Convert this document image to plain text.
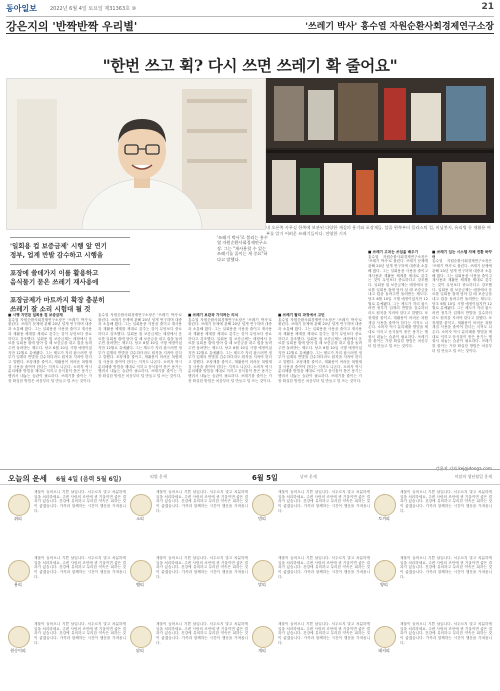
동아일보	2022년 6월 4일 토요일 제31363호 ⑩	21
강은지의 '반짝반짝 우리별'	'쓰레기 박사' 홍수열 자원순환사회경제연구소장
"한번 쓰고 휙? 다시 쓰면 쓰레기 확 줄어요"
내 오른쪽 사무실 한쪽에 보관된 다양한 재질의 용기와 포장재들. 앞줄 왼쪽부터 플라스틱 컵, 비닐봉지, 유리병 등 재활용 여부를 알기 어려운 쓰레기들이다. 전영한 기자
'일회용 컵 보증금제' 시행 앞 연기
정부, 업계 반발 감수하고 시행을
포장에 쓸데가지 이를 활용하고
음식물기 묻은 쓰레기 재사용에
포장금제가 마트까지 확장 충분히
쓰레기 잘 소리 시험대 될 것
'쓰레기 박사'로 불리는 홍수열 자원순환사회경제연구소장. 그는 "재사용할 수 있는 쓰레기를 줄이는 게 중요"하다고 말했다.
■ 시행 지연된 일회용 컵 보증금제
홍수열 자원순환사회경제연구소장은 '쓰레기 박사'로 불린다. 쓰레기 문제에 관해 20년 넘게 연구하며 대중과 소통해 왔다. 그는 일회용품 사용을 줄이고 재사용과 재활용 체계를 제대로 갖추는 것이 무엇보다 중요하다고 강조했다. 일회용 컵 보증금제는 매장에서 음료를 일회용 컵에 담아 살 때 보증금을 내고 컵을 돌려주면 돌려받는 제도다. 당초 6월 10일 시행 예정이었지만 12월로 유예됐다. 그는 제도가 자리 잡으려면 정부가 업계의 반발을 감수하더라도 원칙을 지켜야 한다고 말했다. 포장재를 줄이고, 재활용이 어려운 복합재질 사용을 줄여야 한다는 지적도 나온다. 소비자 역시 분리배출 방법을 제대로 익히고 음식물이 묻은 용기는 헹궈서 내놓는 습관이 필요하다. 쓰레기를 줄이는 가장 확실한 방법은 처음부터 덜 만들고 덜 쓰는 것이다.
홍수열 자원순환사회경제연구소장은 '쓰레기 박사'로 불린다. 쓰레기 문제에 관해 20년 넘게 연구하며 대중과 소통해 왔다. 그는 일회용품 사용을 줄이고 재사용과 재활용 체계를 제대로 갖추는 것이 무엇보다 중요하다고 강조했다. 일회용 컵 보증금제는 매장에서 음료를 일회용 컵에 담아 살 때 보증금을 내고 컵을 돌려주면 돌려받는 제도다. 당초 6월 10일 시행 예정이었지만 12월로 유예됐다. 그는 제도가 자리 잡으려면 정부가 업계의 반발을 감수하더라도 원칙을 지켜야 한다고 말했다. 포장재를 줄이고, 재활용이 어려운 복합재질 사용을 줄여야 한다는 지적도 나온다. 소비자 역시 분리배출 방법을 제대로 익히고 음식물이 묻은 용기는 헹궈서 내놓는 습관이 필요하다. 쓰레기를 줄이는 가장 확실한 방법은 처음부터 덜 만들고 덜 쓰는 것이다.
■ 쓰레기 보관과 가지려는 의식
홍수열 자원순환사회경제연구소장은 '쓰레기 박사'로 불린다. 쓰레기 문제에 관해 20년 넘게 연구하며 대중과 소통해 왔다. 그는 일회용품 사용을 줄이고 재사용과 재활용 체계를 제대로 갖추는 것이 무엇보다 중요하다고 강조했다. 일회용 컵 보증금제는 매장에서 음료를 일회용 컵에 담아 살 때 보증금을 내고 컵을 돌려주면 돌려받는 제도다. 당초 6월 10일 시행 예정이었지만 12월로 유예됐다. 그는 제도가 자리 잡으려면 정부가 업계의 반발을 감수하더라도 원칙을 지켜야 한다고 말했다. 포장재를 줄이고, 재활용이 어려운 복합재질 사용을 줄여야 한다는 지적도 나온다. 소비자 역시 분리배출 방법을 제대로 익히고 음식물이 묻은 용기는 헹궈서 내놓는 습관이 필요하다. 쓰레기를 줄이는 가장 확실한 방법은 처음부터 덜 만들고 덜 쓰는 것이다.
■ 쓰레기 팔리 과정에서 고민
홍수열 자원순환사회경제연구소장은 '쓰레기 박사'로 불린다. 쓰레기 문제에 관해 20년 넘게 연구하며 대중과 소통해 왔다. 그는 일회용품 사용을 줄이고 재사용과 재활용 체계를 제대로 갖추는 것이 무엇보다 중요하다고 강조했다. 일회용 컵 보증금제는 매장에서 음료를 일회용 컵에 담아 살 때 보증금을 내고 컵을 돌려주면 돌려받는 제도다. 당초 6월 10일 시행 예정이었지만 12월로 유예됐다. 그는 제도가 자리 잡으려면 정부가 업계의 반발을 감수하더라도 원칙을 지켜야 한다고 말했다. 포장재를 줄이고, 재활용이 어려운 복합재질 사용을 줄여야 한다는 지적도 나온다. 소비자 역시 분리배출 방법을 제대로 익히고 음식물이 묻은 용기는 헹궈서 내놓는 습관이 필요하다. 쓰레기를 줄이는 가장 확실한 방법은 처음부터 덜 만들고 덜 쓰는 것이다.
■ 쓰레기 고치는 쓰임을 배우기
홍수열 자원순환사회경제연구소장은 '쓰레기 박사'로 불린다. 쓰레기 문제에 관해 20년 넘게 연구하며 대중과 소통해 왔다. 그는 일회용품 사용을 줄이고 재사용과 재활용 체계를 제대로 갖추는 것이 무엇보다 중요하다고 강조했다. 일회용 컵 보증금제는 매장에서 음료를 일회용 컵에 담아 살 때 보증금을 내고 컵을 돌려주면 돌려받는 제도다. 당초 6월 10일 시행 예정이었지만 12월로 유예됐다. 그는 제도가 자리 잡으려면 정부가 업계의 반발을 감수하더라도 원칙을 지켜야 한다고 말했다. 포장재를 줄이고, 재활용이 어려운 복합재질 사용을 줄여야 한다는 지적도 나온다. 소비자 역시 분리배출 방법을 제대로 익히고 음식물이 묻은 용기는 헹궈서 내놓는 습관이 필요하다. 쓰레기를 줄이는 가장 확실한 방법은 처음부터 덜 만들고 덜 쓰는 것이다.
■ 쓰레기 입는 시스템 자체 전환 바꾸어
홍수열 자원순환사회경제연구소장은 '쓰레기 박사'로 불린다. 쓰레기 문제에 관해 20년 넘게 연구하며 대중과 소통해 왔다. 그는 일회용품 사용을 줄이고 재사용과 재활용 체계를 제대로 갖추는 것이 무엇보다 중요하다고 강조했다. 일회용 컵 보증금제는 매장에서 음료를 일회용 컵에 담아 살 때 보증금을 내고 컵을 돌려주면 돌려받는 제도다. 당초 6월 10일 시행 예정이었지만 12월로 유예됐다. 그는 제도가 자리 잡으려면 정부가 업계의 반발을 감수하더라도 원칙을 지켜야 한다고 말했다. 포장재를 줄이고, 재활용이 어려운 복합재질 사용을 줄여야 한다는 지적도 나온다. 소비자 역시 분리배출 방법을 제대로 익히고 음식물이 묻은 용기는 헹궈서 내놓는 습관이 필요하다. 쓰레기를 줄이는 가장 확실한 방법은 처음부터 덜 만들고 덜 쓰는 것이다.
오늘의 운세 6월 4일 (음력 5월 6일)	띠별 운세	6월 5일	날씨 운세	이달의 생년월일 운세
쥐띠
재물이 들어오니 기쁜 날입니다. 서두르지 말고 차분하게 일을 처리하세요. 주변 사람의 조언에 귀 기울이면 좋은 결과가 있습니다. 건강에 유의하고 무리한 약속은 피하는 것이 좋겠습니다. 가족과 함께하는 시간이 행운을 가져옵니다.
소띠
재물이 들어오니 기쁜 날입니다. 서두르지 말고 차분하게 일을 처리하세요. 주변 사람의 조언에 귀 기울이면 좋은 결과가 있습니다. 건강에 유의하고 무리한 약속은 피하는 것이 좋겠습니다. 가족과 함께하는 시간이 행운을 가져옵니다.
범띠
재물이 들어오니 기쁜 날입니다. 서두르지 말고 차분하게 일을 처리하세요. 주변 사람의 조언에 귀 기울이면 좋은 결과가 있습니다. 건강에 유의하고 무리한 약속은 피하는 것이 좋겠습니다. 가족과 함께하는 시간이 행운을 가져옵니다.
토끼띠
재물이 들어오니 기쁜 날입니다. 서두르지 말고 차분하게 일을 처리하세요. 주변 사람의 조언에 귀 기울이면 좋은 결과가 있습니다. 건강에 유의하고 무리한 약속은 피하는 것이 좋겠습니다. 가족과 함께하는 시간이 행운을 가져옵니다.
용띠
재물이 들어오니 기쁜 날입니다. 서두르지 말고 차분하게 일을 처리하세요. 주변 사람의 조언에 귀 기울이면 좋은 결과가 있습니다. 건강에 유의하고 무리한 약속은 피하는 것이 좋겠습니다. 가족과 함께하는 시간이 행운을 가져옵니다.
뱀띠
재물이 들어오니 기쁜 날입니다. 서두르지 말고 차분하게 일을 처리하세요. 주변 사람의 조언에 귀 기울이면 좋은 결과가 있습니다. 건강에 유의하고 무리한 약속은 피하는 것이 좋겠습니다. 가족과 함께하는 시간이 행운을 가져옵니다.
말띠
재물이 들어오니 기쁜 날입니다. 서두르지 말고 차분하게 일을 처리하세요. 주변 사람의 조언에 귀 기울이면 좋은 결과가 있습니다. 건강에 유의하고 무리한 약속은 피하는 것이 좋겠습니다. 가족과 함께하는 시간이 행운을 가져옵니다.
양띠
재물이 들어오니 기쁜 날입니다. 서두르지 말고 차분하게 일을 처리하세요. 주변 사람의 조언에 귀 기울이면 좋은 결과가 있습니다. 건강에 유의하고 무리한 약속은 피하는 것이 좋겠습니다. 가족과 함께하는 시간이 행운을 가져옵니다.
원숭이띠
재물이 들어오니 기쁜 날입니다. 서두르지 말고 차분하게 일을 처리하세요. 주변 사람의 조언에 귀 기울이면 좋은 결과가 있습니다. 건강에 유의하고 무리한 약속은 피하는 것이 좋겠습니다. 가족과 함께하는 시간이 행운을 가져옵니다.
닭띠
재물이 들어오니 기쁜 날입니다. 서두르지 말고 차분하게 일을 처리하세요. 주변 사람의 조언에 귀 기울이면 좋은 결과가 있습니다. 건강에 유의하고 무리한 약속은 피하는 것이 좋겠습니다. 가족과 함께하는 시간이 행운을 가져옵니다.
개띠
재물이 들어오니 기쁜 날입니다. 서두르지 말고 차분하게 일을 처리하세요. 주변 사람의 조언에 귀 기울이면 좋은 결과가 있습니다. 건강에 유의하고 무리한 약속은 피하는 것이 좋겠습니다. 가족과 함께하는 시간이 행운을 가져옵니다.
돼지띠
재물이 들어오니 기쁜 날입니다. 서두르지 말고 차분하게 일을 처리하세요. 주변 사람의 조언에 귀 기울이면 좋은 결과가 있습니다. 건강에 유의하고 무리한 약속은 피하는 것이 좋겠습니다. 가족과 함께하는 시간이 행운을 가져옵니다.
